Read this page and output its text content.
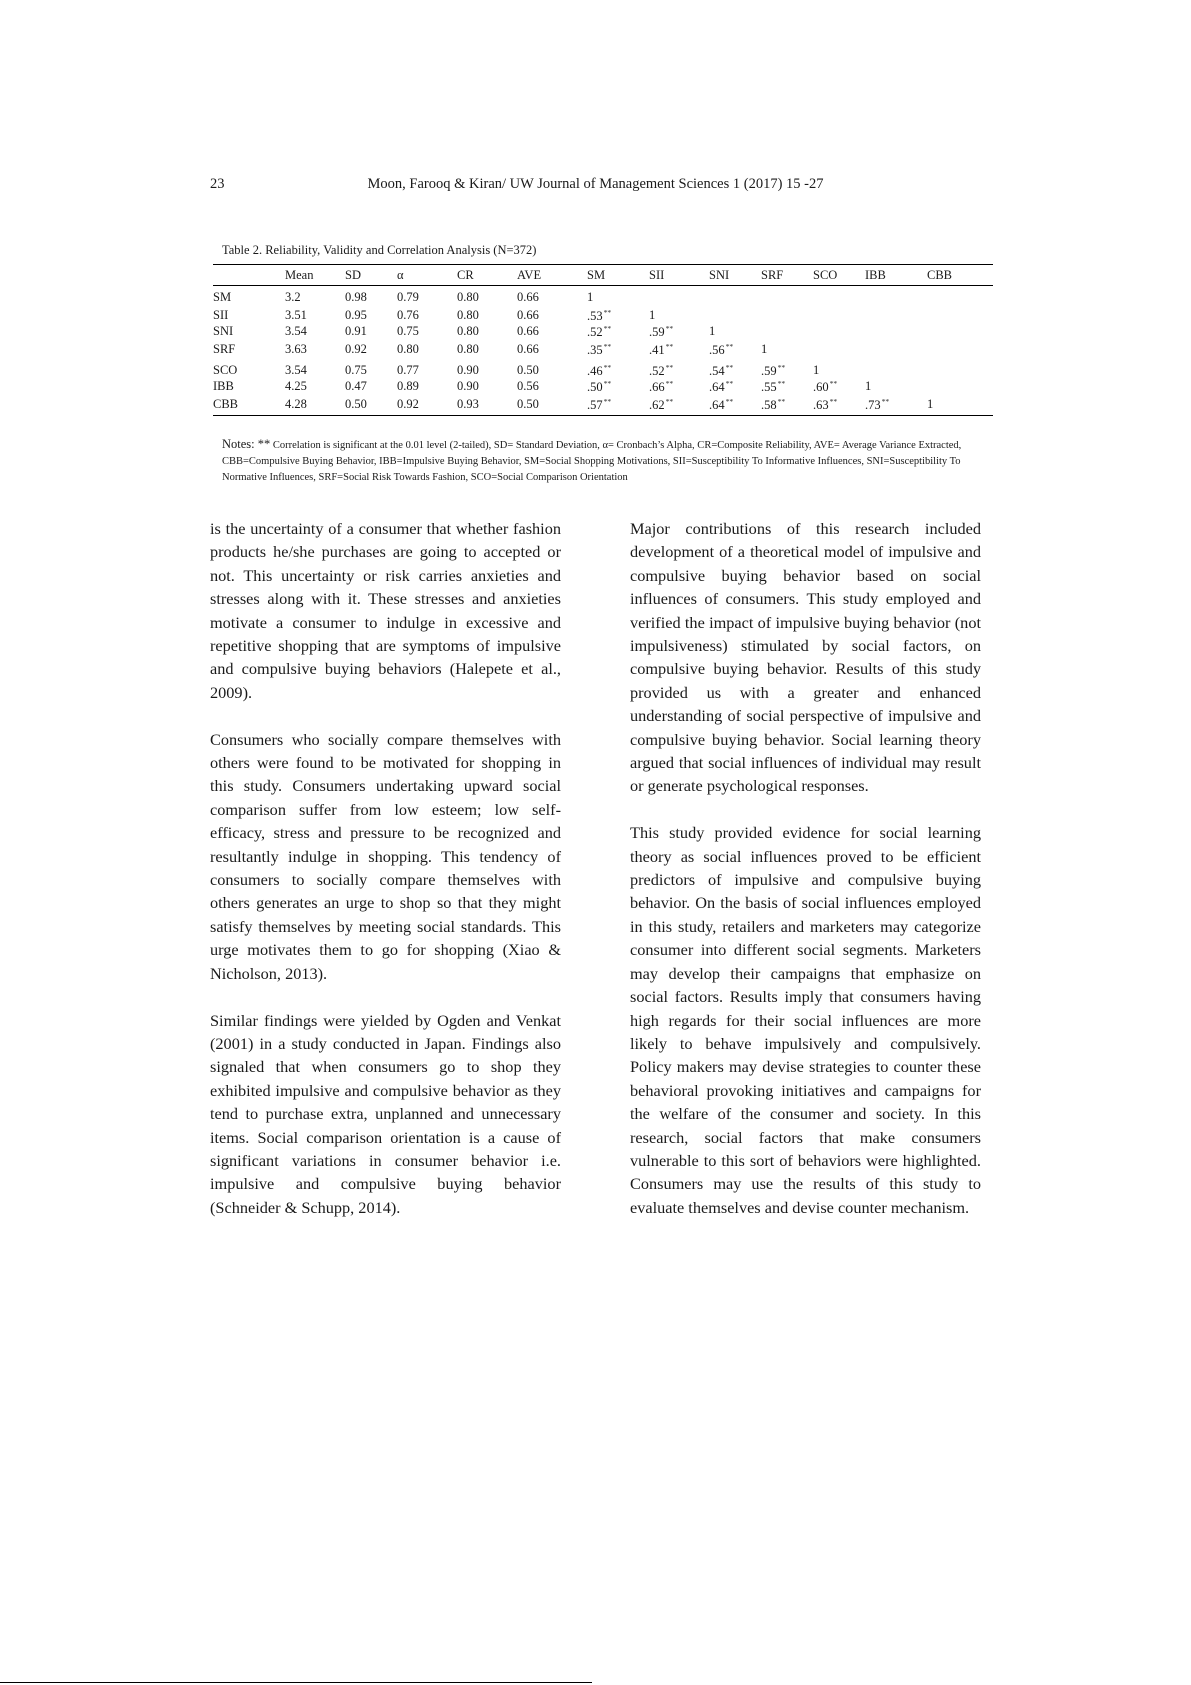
23	Moon, Farooq & Kiran/ UW Journal of Management Sciences 1 (2017) 15 -27
Table 2. Reliability, Validity and Correlation Analysis (N=372)
	Mean	SD	α	CR	AVE	SM	SII	SNI	SRF	SCO	IBB	CBB
SM	3.2	0.98	0.79	0.80	0.66	1						
SII	3.51	0.95	0.76	0.80	0.66	.53**	1					
SNI	3.54	0.91	0.75	0.80	0.66	.52**	.59**	1				
SRF	3.63	0.92	0.80	0.80	0.66	.35**	.41**	.56**	1			
SCO	3.54	0.75	0.77	0.90	0.50	.46**	.52**	.54**	.59**	1		
IBB	4.25	0.47	0.89	0.90	0.56	.50**	.66**	.64**	.55**	.60**	1	
CBB	4.28	0.50	0.92	0.93	0.50	.57**	.62**	.64**	.58**	.63**	.73**	1
Notes: ** Correlation is significant at the 0.01 level (2-tailed), SD= Standard Deviation, α= Cronbach’s Alpha, CR=Composite Reliability, AVE= Average Variance Extracted, CBB=Compulsive Buying Behavior, IBB=Impulsive Buying Behavior, SM=Social Shopping Motivations, SII=Susceptibility To Informative Influences, SNI=Susceptibility To Normative Influences, SRF=Social Risk Towards Fashion, SCO=Social Comparison Orientation

is the uncertainty of a consumer that whether fashion products he/she purchases are going to accepted or not. This uncertainty or risk carries anxieties and stresses along with it. These stresses and anxieties motivate a consumer to indulge in excessive and repetitive shopping that are symptoms of impulsive and compulsive buying behaviors (Halepete et al., 2009).

Consumers who socially compare themselves with others were found to be motivated for shopping in this study. Consumers undertaking upward social comparison suffer from low esteem; low self-efficacy, stress and pressure to be recognized and resultantly indulge in shopping. This tendency of consumers to socially compare themselves with others generates an urge to shop so that they might satisfy themselves by meeting social standards. This urge motivates them to go for shopping (Xiao & Nicholson, 2013).

Similar findings were yielded by Ogden and Venkat (2001) in a study conducted in Japan. Findings also signaled that when consumers go to shop they exhibited impulsive and compulsive behavior as they tend to purchase extra, unplanned and unnecessary items. Social comparison orientation is a cause of significant variations in consumer behavior i.e. impulsive and compulsive buying behavior (Schneider & Schupp, 2014).

Major contributions of this research included development of a theoretical model of impulsive and compulsive buying behavior based on social influences of consumers. This study employed and verified the impact of impulsive buying behavior (not impulsiveness) stimulated by social factors, on compulsive buying behavior. Results of this study provided us with a greater and enhanced understanding of social perspective of impulsive and compulsive buying behavior. Social learning theory argued that social influences of individual may result or generate psychological responses.

This study provided evidence for social learning theory as social influences proved to be efficient predictors of impulsive and compulsive buying behavior. On the basis of social influences employed in this study, retailers and marketers may categorize consumer into different social segments. Marketers may develop their campaigns that emphasize on social factors. Results imply that consumers having high regards for their social influences are more likely to behave impulsively and compulsively. Policy makers may devise strategies to counter these behavioral provoking initiatives and campaigns for the welfare of the consumer and society. In this research, social factors that make consumers vulnerable to this sort of behaviors were highlighted. Consumers may use the results of this study to evaluate themselves and devise counter mechanism.
